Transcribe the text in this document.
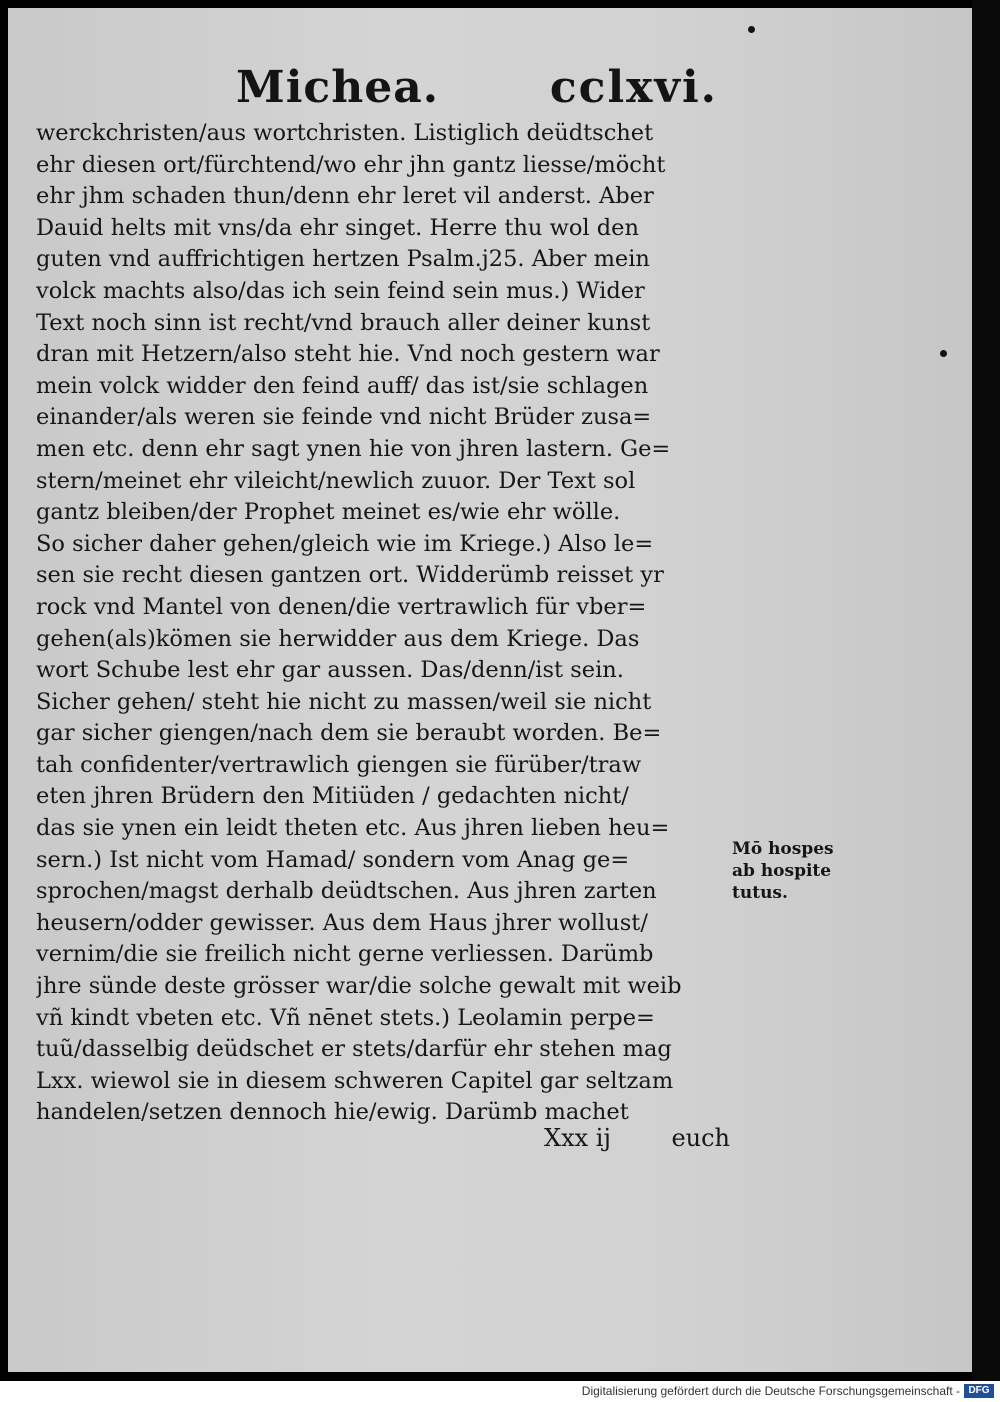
Michea.	cclxvi.
werckchristen/aus wortchristen. Listiglich deüdtschet
ehr diesen ort/fürchtend/wo ehr jhn gantz liesse/möcht
ehr jhm schaden thun/denn ehr leret vil anderst. Aber
Dauid helts mit vns/da ehr singet. Herre thu wol den
guten vnd auffrichtigen hertzen Psalm.j25. Aber mein
volck machts also/das ich sein feind sein mus.) Wider
Text noch sinn ist recht/vnd brauch aller deiner kunst
dran mit Hetzern/also steht hie. Vnd noch gestern war
mein volck widder den feind auff/ das ist/sie schlagen
einander/als weren sie feinde vnd nicht Brüder zusa=
men etc. denn ehr sagt ynen hie von jhren lastern. Ge=
stern/meinet ehr vileicht/newlich zuuor. Der Text sol
gantz bleiben/der Prophet meinet es/wie ehr wölle.
So sicher daher gehen/gleich wie im Kriege.) Also le=
sen sie recht diesen gantzen ort. Widderümb reisset yr
rock vnd Mantel von denen/die vertrawlich für vber=
gehen(als)kömen sie herwidder aus dem Kriege. Das
wort Schube lest ehr gar aussen. Das/denn/ist sein.
Sicher gehen/ steht hie nicht zu massen/weil sie nicht
gar sicher giengen/nach dem sie beraubt worden. Be=
tah confidenter/vertrawlich giengen sie fürüber/traw
eten jhren Brüdern den Mitiüden / gedachten nicht/
das sie ynen ein leidt theten etc. Aus jhren lieben heu=
sern.) Ist nicht vom Hamad/ sondern vom Anag ge=
sprochen/magst derhalb deüdtschen. Aus jhren zarten
heusern/odder gewisser. Aus dem Haus jhrer wollust/
vernim/die sie freilich nicht gerne verliessen. Darümb
jhre sünde deste grösser war/die solche gewalt mit weib
vñ kindt vbeten etc. Vñ nēnet stets.) Leolamin perpe=
tuũ/dasselbig deüdschet er stets/darfür ehr stehen mag
Lxx. wiewol sie in diesem schweren Capitel gar seltzam
handelen/setzen dennoch hie/ewig. Darümb machet
Mō hospes
ab hospite
tutus.
Xxx ij	euch
Digitalisierung gefördert durch die Deutsche Forschungsgemeinschaft - DFG
